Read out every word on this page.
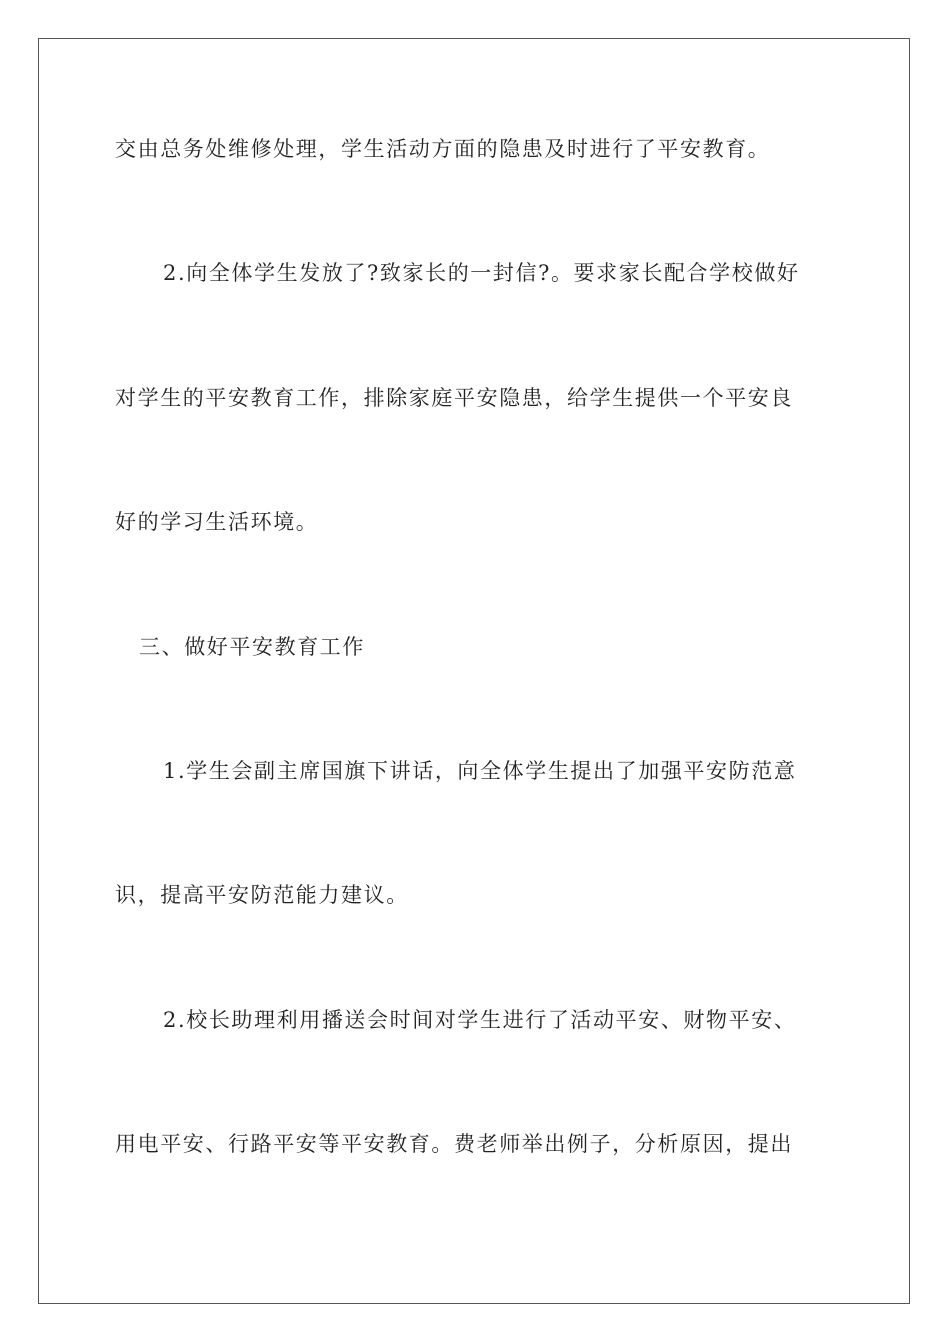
交由总务处维修处理，学生活动方面的隐患及时进行了平安教育。
2.向全体学生发放了?致家长的一封信?。要求家长配合学校做好
对学生的平安教育工作，排除家庭平安隐患，给学生提供一个平安良
好的学习生活环境。
三、做好平安教育工作
1.学生会副主席国旗下讲话，向全体学生提出了加强平安防范意
识，提高平安防范能力建议。
2.校长助理利用播送会时间对学生进行了活动平安、财物平安、
用电平安、行路平安等平安教育。费老师举出例子，分析原因，提出
